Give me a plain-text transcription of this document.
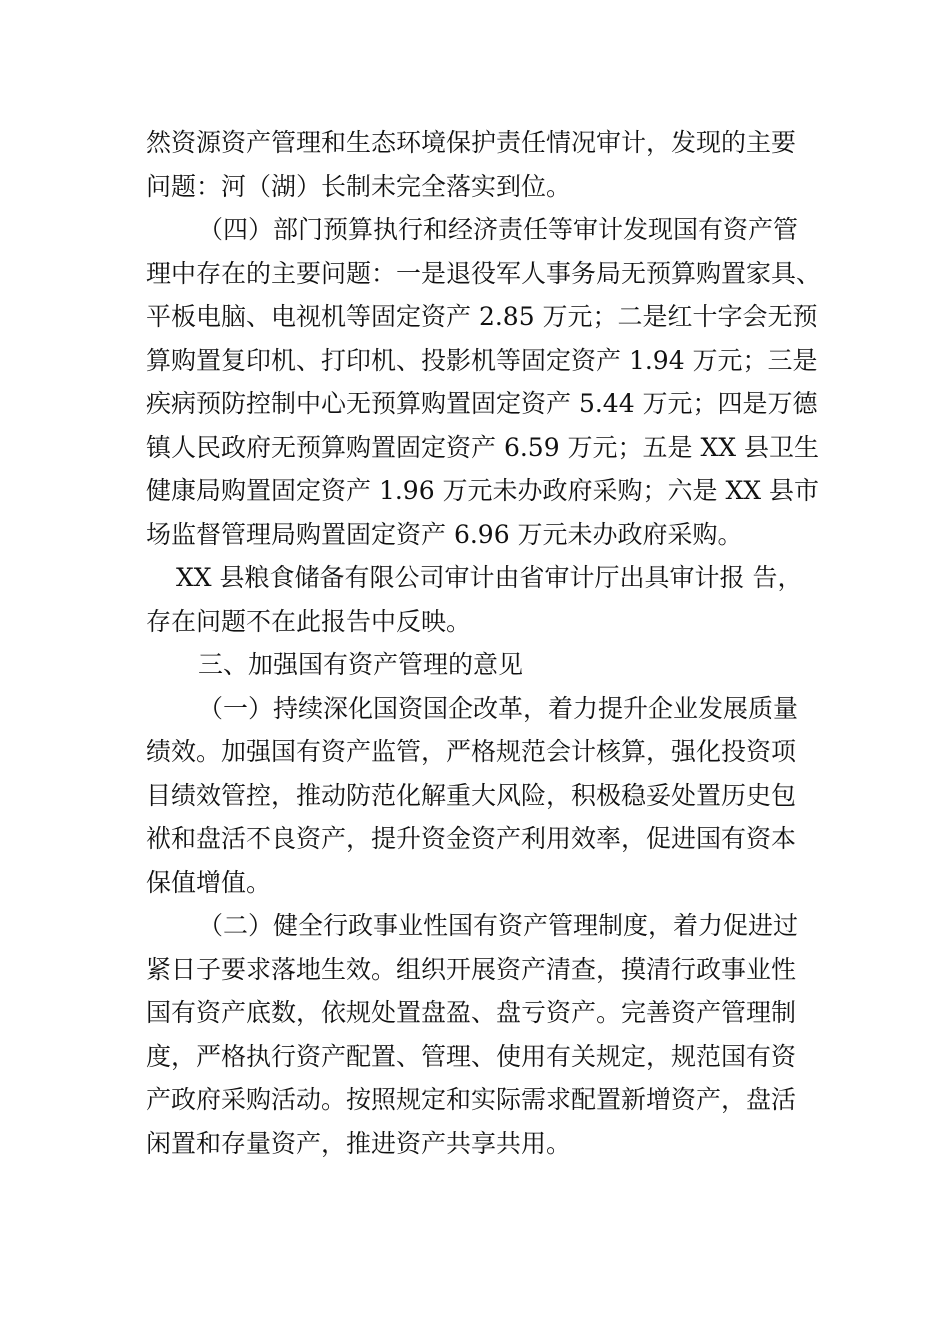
然资源资产管理和生态环境保护责任情况审计，发现的主要
问题：河（湖）长制未完全落实到位。
（四）部门预算执行和经济责任等审计发现国有资产管
理中存在的主要问题：一是退役军人事务局无预算购置家具、
平板电脑、电视机等固定资产 2.85 万元；二是红十字会无预
算购置复印机、打印机、投影机等固定资产 1.94 万元；三是
疾病预防控制中心无预算购置固定资产 5.44 万元；四是万德
镇人民政府无预算购置固定资产 6.59 万元；五是 XX 县卫生
健康局购置固定资产 1.96 万元未办政府采购；六是 XX 县市
场监督管理局购置固定资产 6.96 万元未办政府采购。
XX 县粮食储备有限公司审计由省审计厅出具审计报 告，
存在问题不在此报告中反映。
三、加强国有资产管理的意见
（一）持续深化国资国企改革，着力提升企业发展质量
绩效。加强国有资产监管，严格规范会计核算，强化投资项
目绩效管控，推动防范化解重大风险，积极稳妥处置历史包
袱和盘活不良资产，提升资金资产利用效率，促进国有资本
保值增值。
（二）健全行政事业性国有资产管理制度，着力促进过
紧日子要求落地生效。组织开展资产清查，摸清行政事业性
国有资产底数，依规处置盘盈、盘亏资产。完善资产管理制
度，严格执行资产配置、管理、使用有关规定，规范国有资
产政府采购活动。按照规定和实际需求配置新增资产，盘活
闲置和存量资产，推进资产共享共用。
